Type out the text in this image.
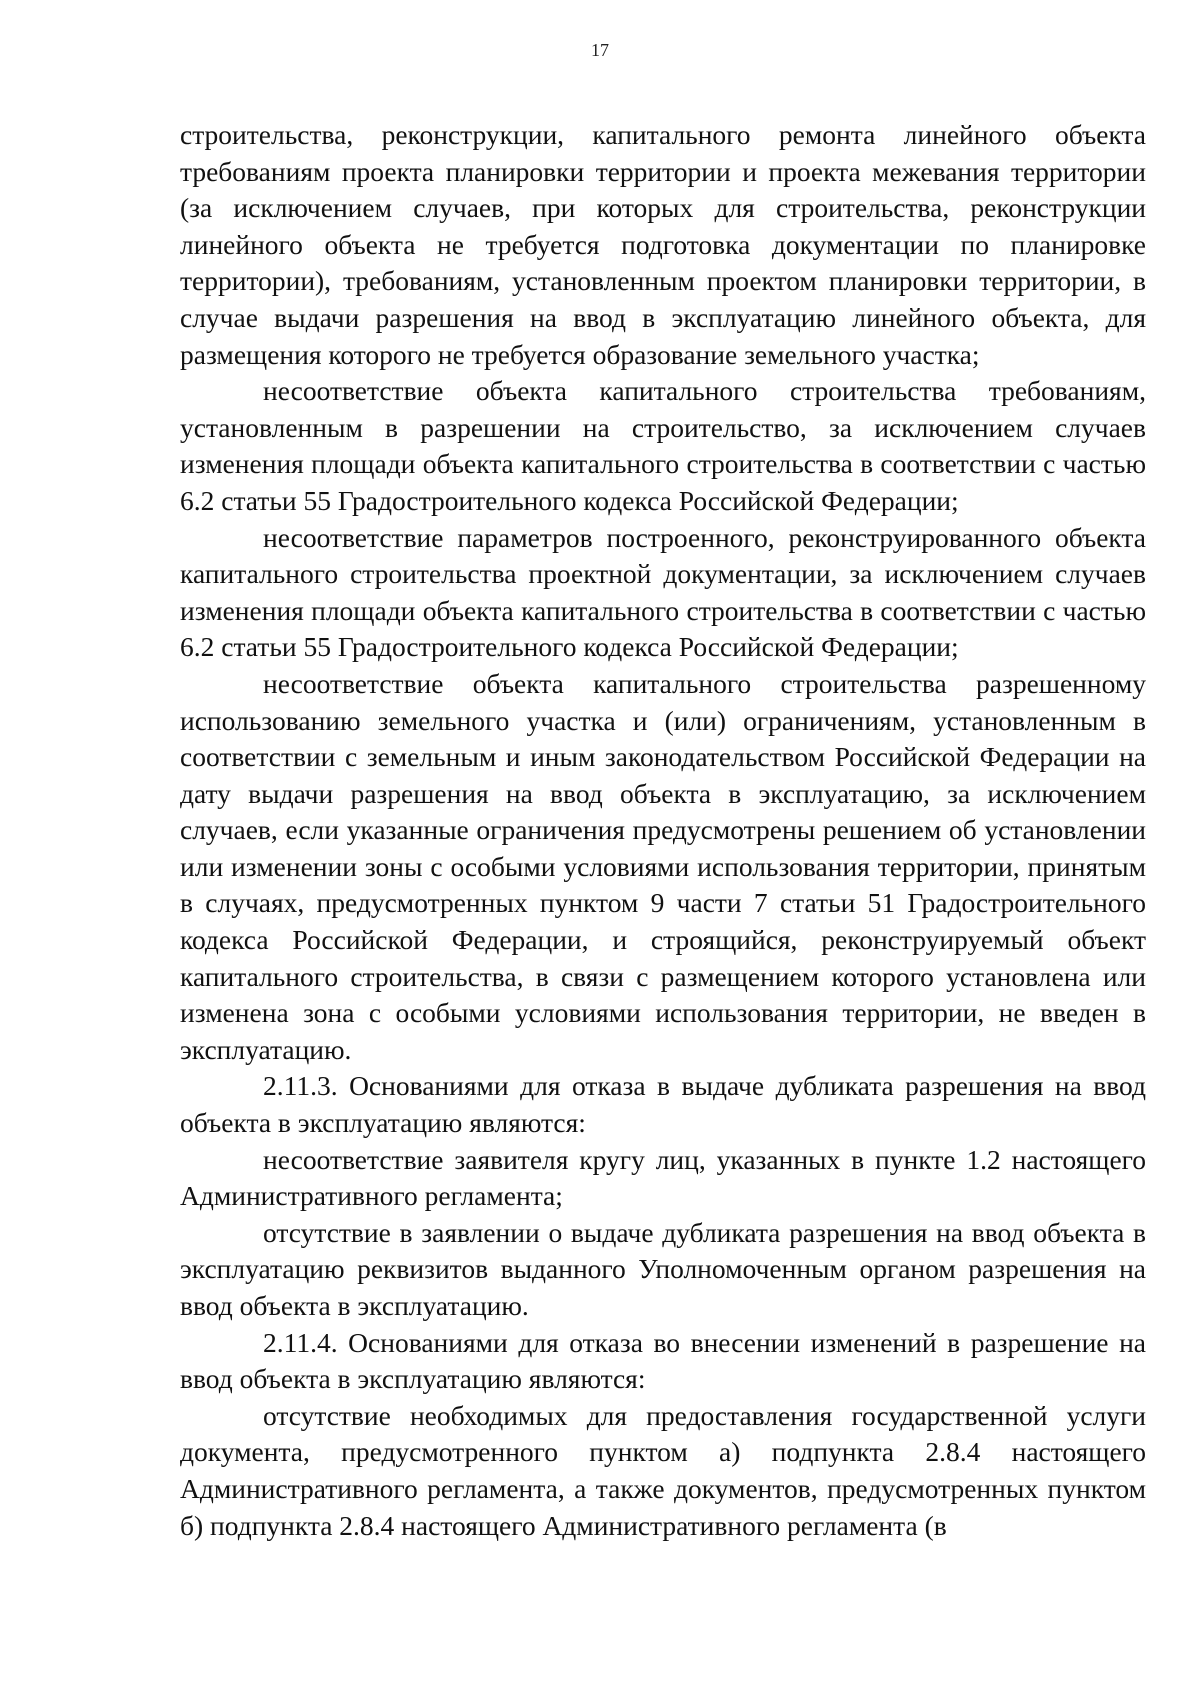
17

строительства, реконструкции, капитального ремонта линейного объекта требованиям проекта планировки территории и проекта межевания территории (за исключением случаев, при которых для строительства, реконструкции линейного объекта не требуется подготовка документации по планировке территории), требованиям, установленным проектом планировки территории, в случае выдачи разрешения на ввод в эксплуатацию линейного объекта, для размещения которого не требуется образование земельного участка;

несоответствие объекта капитального строительства требованиям, установленным в разрешении на строительство, за исключением случаев изменения площади объекта капитального строительства в соответствии с частью 6.2 статьи 55 Градостроительного кодекса Российской Федерации;

несоответствие параметров построенного, реконструированного объекта капитального строительства проектной документации, за исключением случаев изменения площади объекта капитального строительства в соответствии с частью 6.2 статьи 55 Градостроительного кодекса Российской Федерации;

несоответствие объекта капитального строительства разрешенному использованию земельного участка и (или) ограничениям, установленным в соответствии с земельным и иным законодательством Российской Федерации на дату выдачи разрешения на ввод объекта в эксплуатацию, за исключением случаев, если указанные ограничения предусмотрены решением об установлении или изменении зоны с особыми условиями использования территории, принятым в случаях, предусмотренных пунктом 9 части 7 статьи 51 Градостроительного кодекса Российской Федерации, и строящийся, реконструируемый объект капитального строительства, в связи с размещением которого установлена или изменена зона с особыми условиями использования территории, не введен в эксплуатацию.

2.11.3. Основаниями для отказа в выдаче дубликата разрешения на ввод объекта в эксплуатацию являются:

несоответствие заявителя кругу лиц, указанных в пункте 1.2 настоящего Административного регламента;

отсутствие в заявлении о выдаче дубликата разрешения на ввод объекта в эксплуатацию реквизитов выданного Уполномоченным органом разрешения на ввод объекта в эксплуатацию.

2.11.4. Основаниями для отказа во внесении изменений в разрешение на ввод объекта в эксплуатацию являются:

отсутствие необходимых для предоставления государственной услуги документа, предусмотренного пунктом а) подпункта 2.8.4 настоящего Административного регламента, а также документов, предусмотренных пунктом б) подпункта 2.8.4 настоящего Административного регламента (в
